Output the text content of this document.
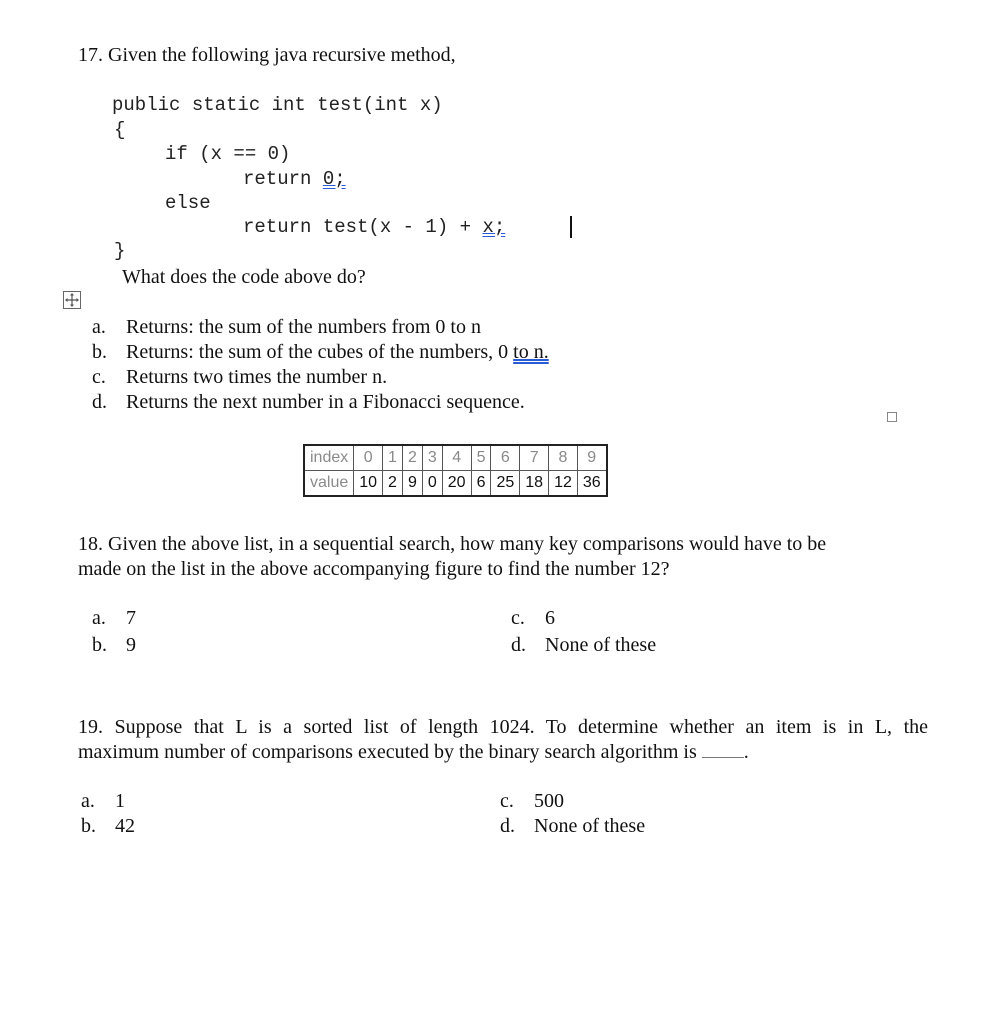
17. Given the following java recursive method,
public static int test(int x)
{
if (x == 0)
return 0;
else
return test(x - 1) + x;
}
What does the code above do?
a. Returns: the sum of the numbers from 0 to n
b. Returns: the sum of the cubes of the numbers, 0 to n.
c. Returns two times the number n.
d. Returns the next number in a Fibonacci sequence.
index	0	1	2	3	4	5	6	7	8	9
value	10	2	9	0	20	6	25	18	12	36
18. Given the above list, in a sequential search, how many key comparisons would have to be
made on the list in the above accompanying figure to find the number 12?
a. 7
b. 9
c. 6
d. None of these
19. Suppose that L is a sorted list of length 1024. To determine whether an item is in L, the
maximum number of comparisons executed by the binary search algorithm is .
a. 1
b. 42
c. 500
d. None of these
